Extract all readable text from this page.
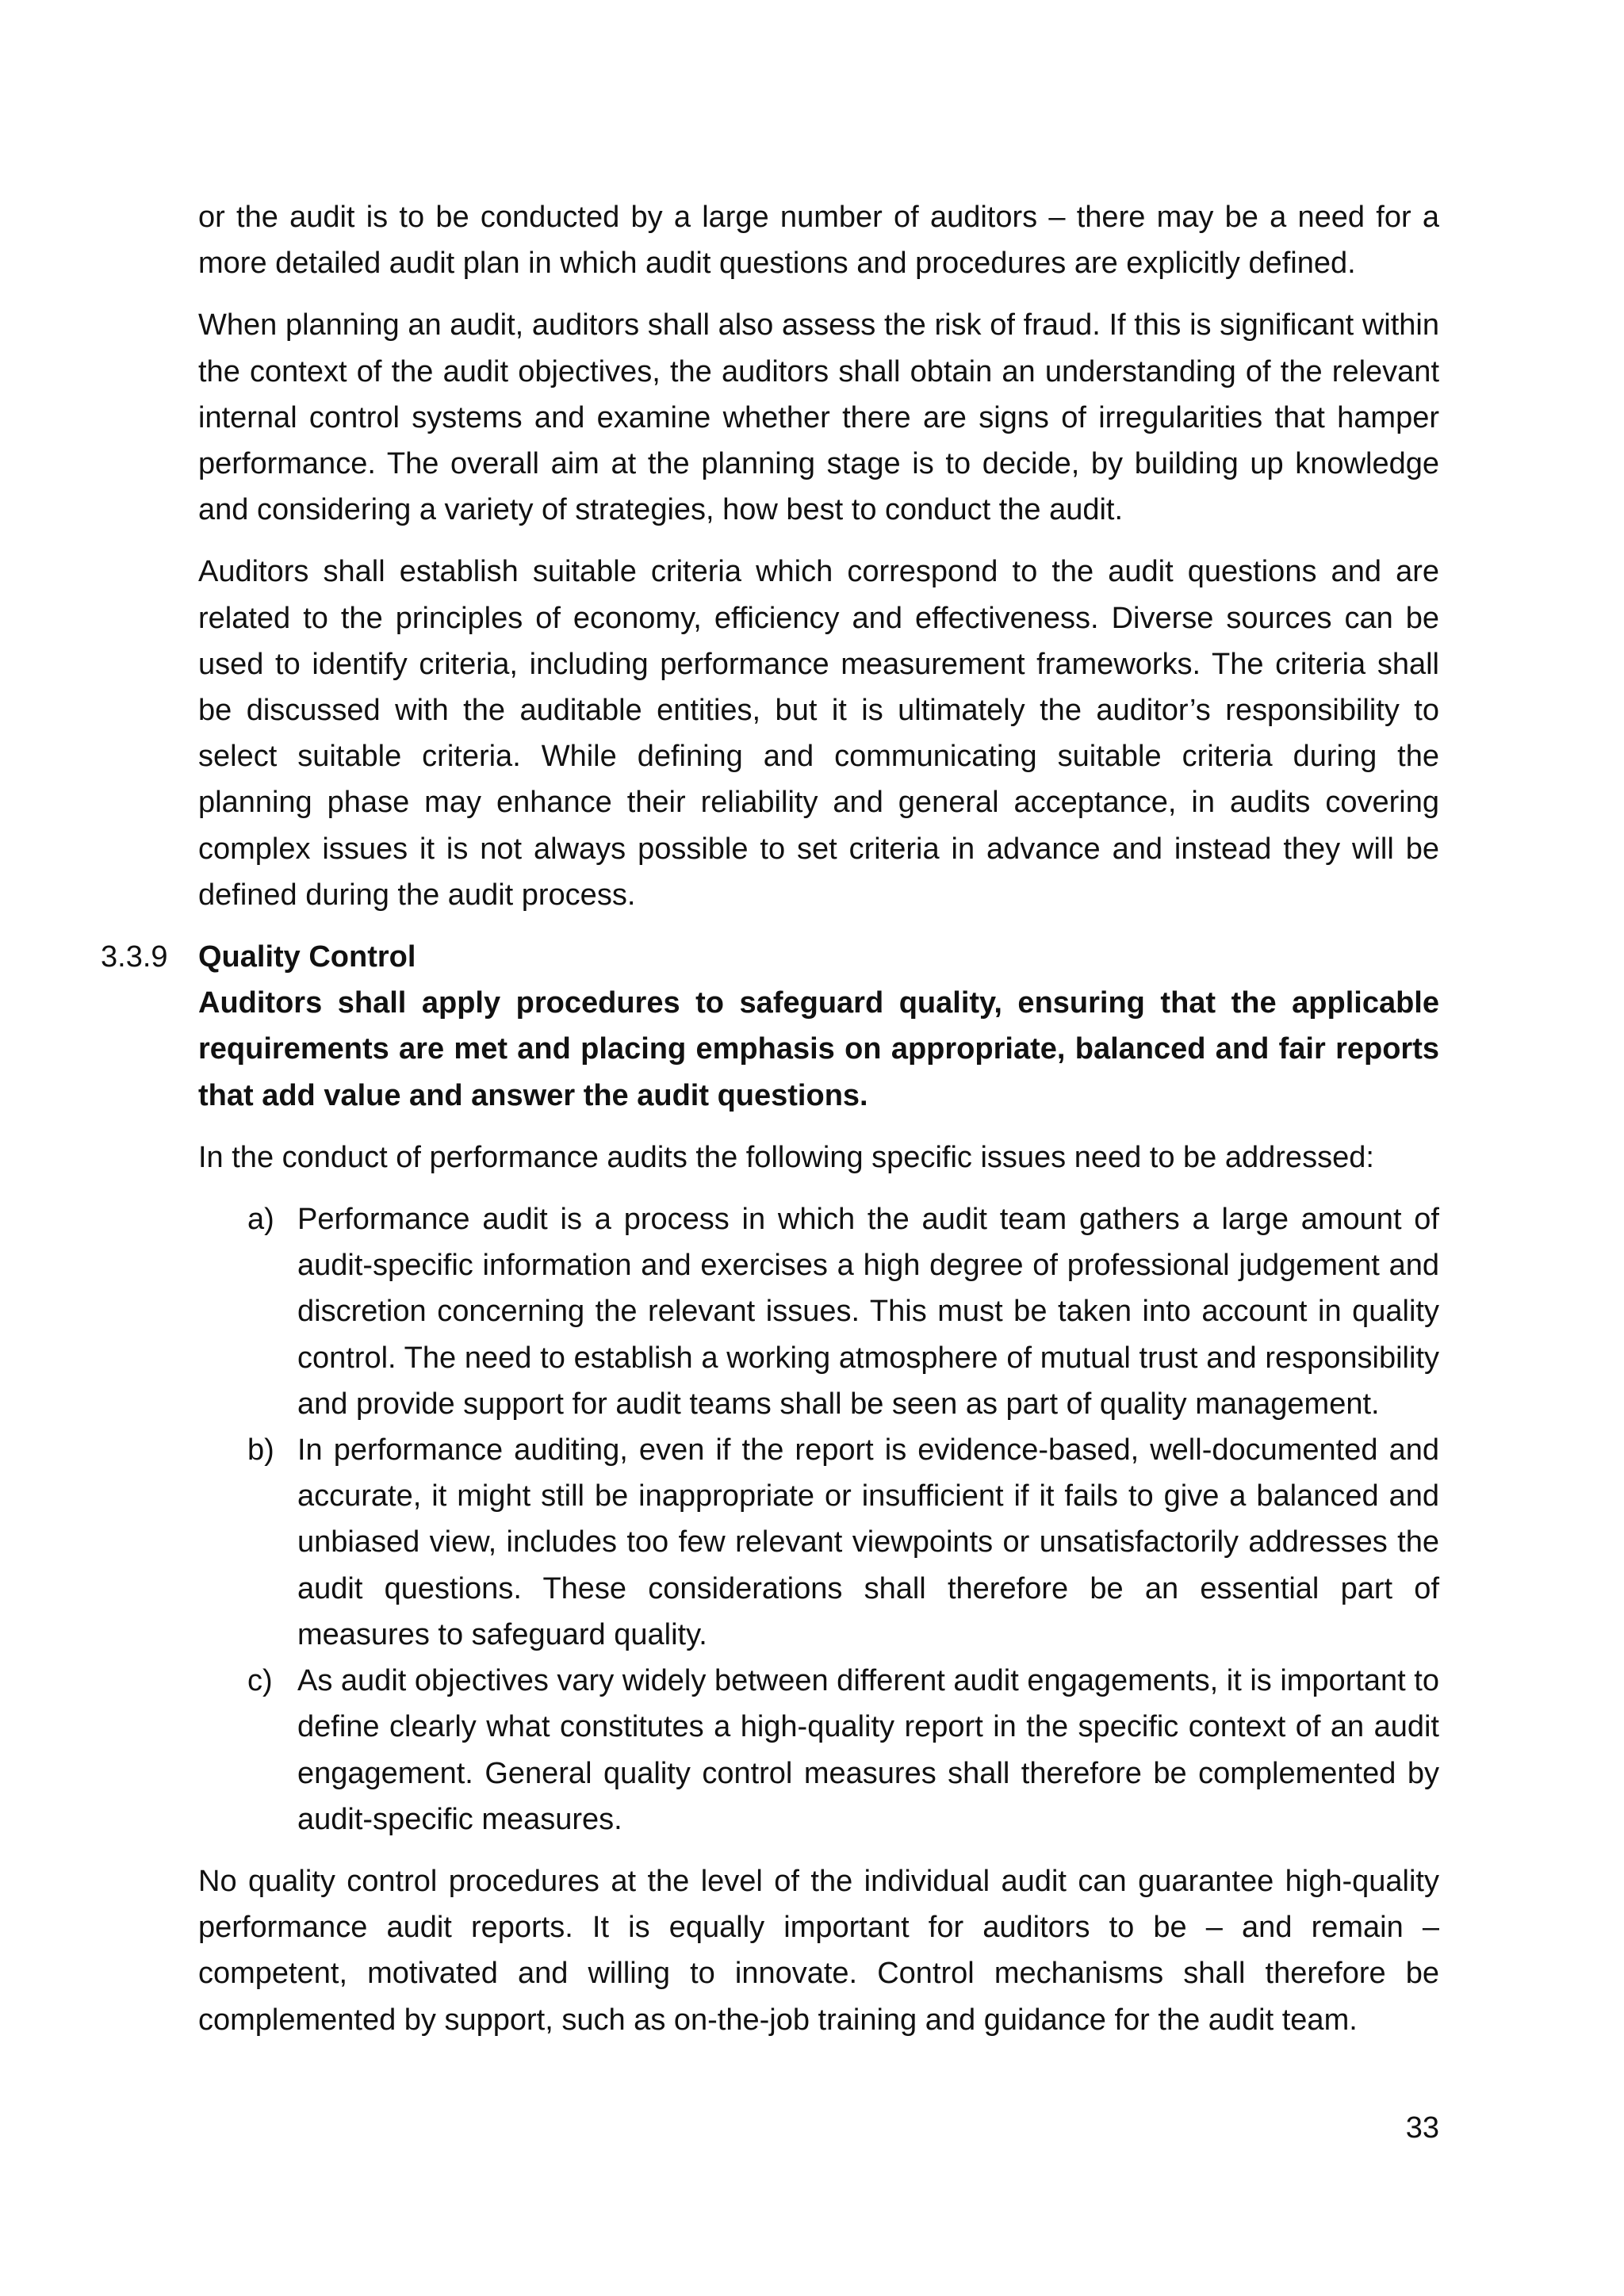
or the audit is to be conducted by a large number of auditors – there may be a need for a more detailed audit plan in which audit questions and procedures are explicitly defined.

When planning an audit, auditors shall also assess the risk of fraud. If this is significant within the context of the audit objectives, the auditors shall obtain an understanding of the relevant internal control systems and examine whether there are signs of irregularities that hamper performance. The overall aim at the planning stage is to decide, by building up knowledge and considering a variety of strategies, how best to conduct the audit.

Auditors shall establish suitable criteria which correspond to the audit questions and are related to the principles of economy, efficiency and effectiveness. Diverse sources can be used to identify criteria, including performance measurement frameworks. The criteria shall be discussed with the auditable entities, but it is ultimately the auditor’s responsibility to select suitable criteria. While defining and communicating suitable criteria during the planning phase may enhance their reliability and general acceptance, in audits covering complex issues it is not always possible to set criteria in advance and instead they will be defined during the audit process.

3.3.9 Quality Control

Auditors shall apply procedures to safeguard quality, ensuring that the applicable requirements are met and placing emphasis on appropriate, balanced and fair reports that add value and answer the audit questions.

In the conduct of performance audits the following specific issues need to be addressed:

a) Performance audit is a process in which the audit team gathers a large amount of audit-specific information and exercises a high degree of professional judgement and discretion concerning the relevant issues. This must be taken into account in quality control. The need to establish a working atmosphere of mutual trust and responsibility and provide support for audit teams shall be seen as part of quality management.
b) In performance auditing, even if the report is evidence-based, well-documented and accurate, it might still be inappropriate or insufficient if it fails to give a balanced and unbiased view, includes too few relevant viewpoints or unsatisfactorily addresses the audit questions. These considerations shall therefore be an essential part of measures to safeguard quality.
c) As audit objectives vary widely between different audit engagements, it is important to define clearly what constitutes a high-quality report in the specific context of an audit engagement. General quality control measures shall therefore be complemented by audit-specific measures.

No quality control procedures at the level of the individual audit can guarantee high-quality performance audit reports. It is equally important for auditors to be – and remain – competent, motivated and willing to innovate. Control mechanisms shall therefore be complemented by support, such as on-the-job training and guidance for the audit team.

33
